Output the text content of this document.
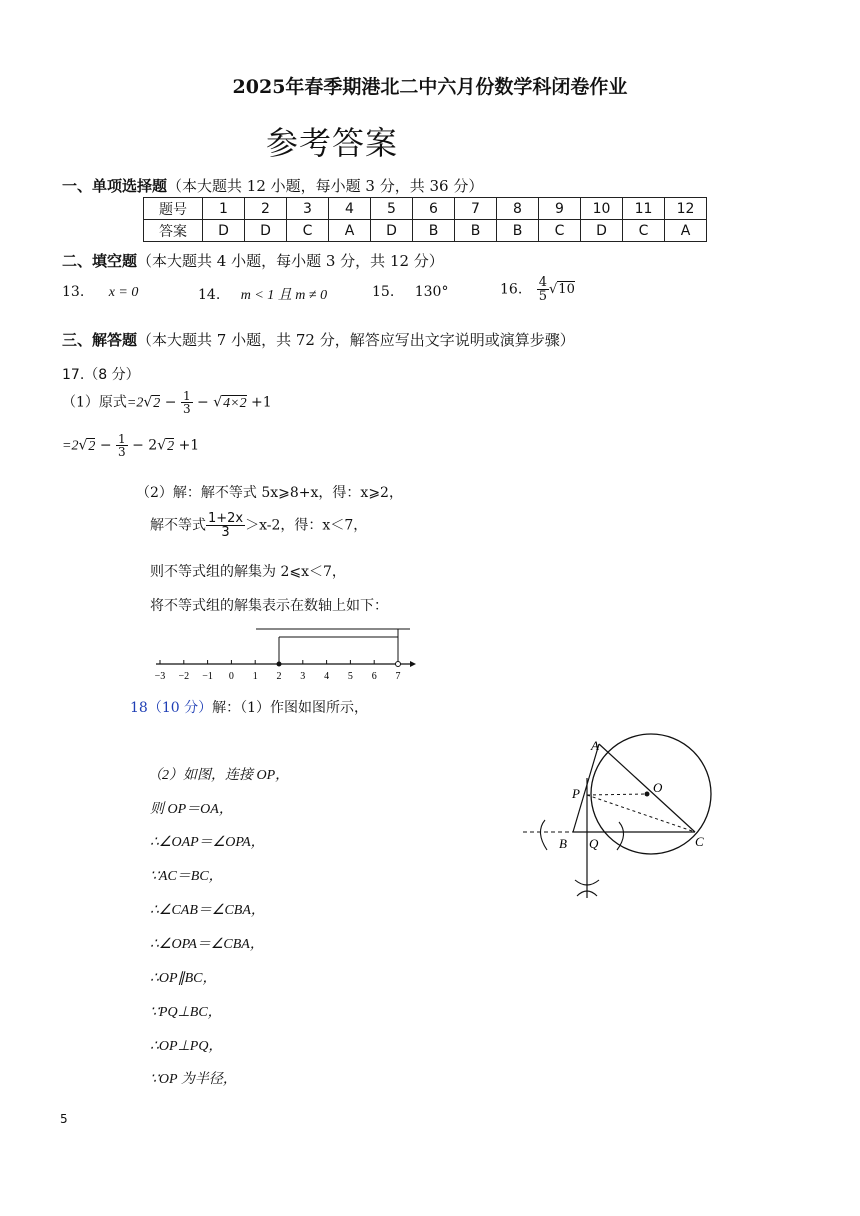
2025年春季期港北二中六月份数学科闭卷作业
参考答案
一、单项选择题（本大题共 12 小题，每小题 3 分，共 36 分）
题号	1	2	3	4	5	6	7	8	9	10	11	12
答案	D	D	C	A	D	B	B	B	C	D	C	A
二、填空题（本大题共 4 小题，每小题 3 分，共 12 分）
13. x = 0	14. m < 1 且 m ≠ 0	15. 130°	16. $\frac{4}{5} √10$
三、解答题（本大题共 7 小题，共 72 分，解答应写出文字说明或演算步骤）
17.（8 分）
（1）原式$=2√2 - \frac{1}{3} - √4\times 2 +1$
$=2√2 - \frac{1}{3} - 2√2 +1$
（2）解：解不等式 5x⩾8+x，得：x⩾2，
解不等式 $\frac{1+2x}{3} >x-2$，得：x＜7，
则不等式组的解集为 2⩽x＜7，
将不等式组的解集表示在数轴上如下：
−3 −2 −1 0 1 2 3 4 5 6 7
18（10 分）解：（1）作图如图所示，
（2）如图，连接 OP，
则 OP＝OA，
∴∠OAP＝∠OPA，
∵AC＝BC，
∴∠CAB＝∠CBA，
∴∠OPA＝∠CBA，
∴OP∥BC，
∵PQ⊥BC，
∴OP⊥PQ，
∵OP 为半径，
A
O
P
B Q	C
5
